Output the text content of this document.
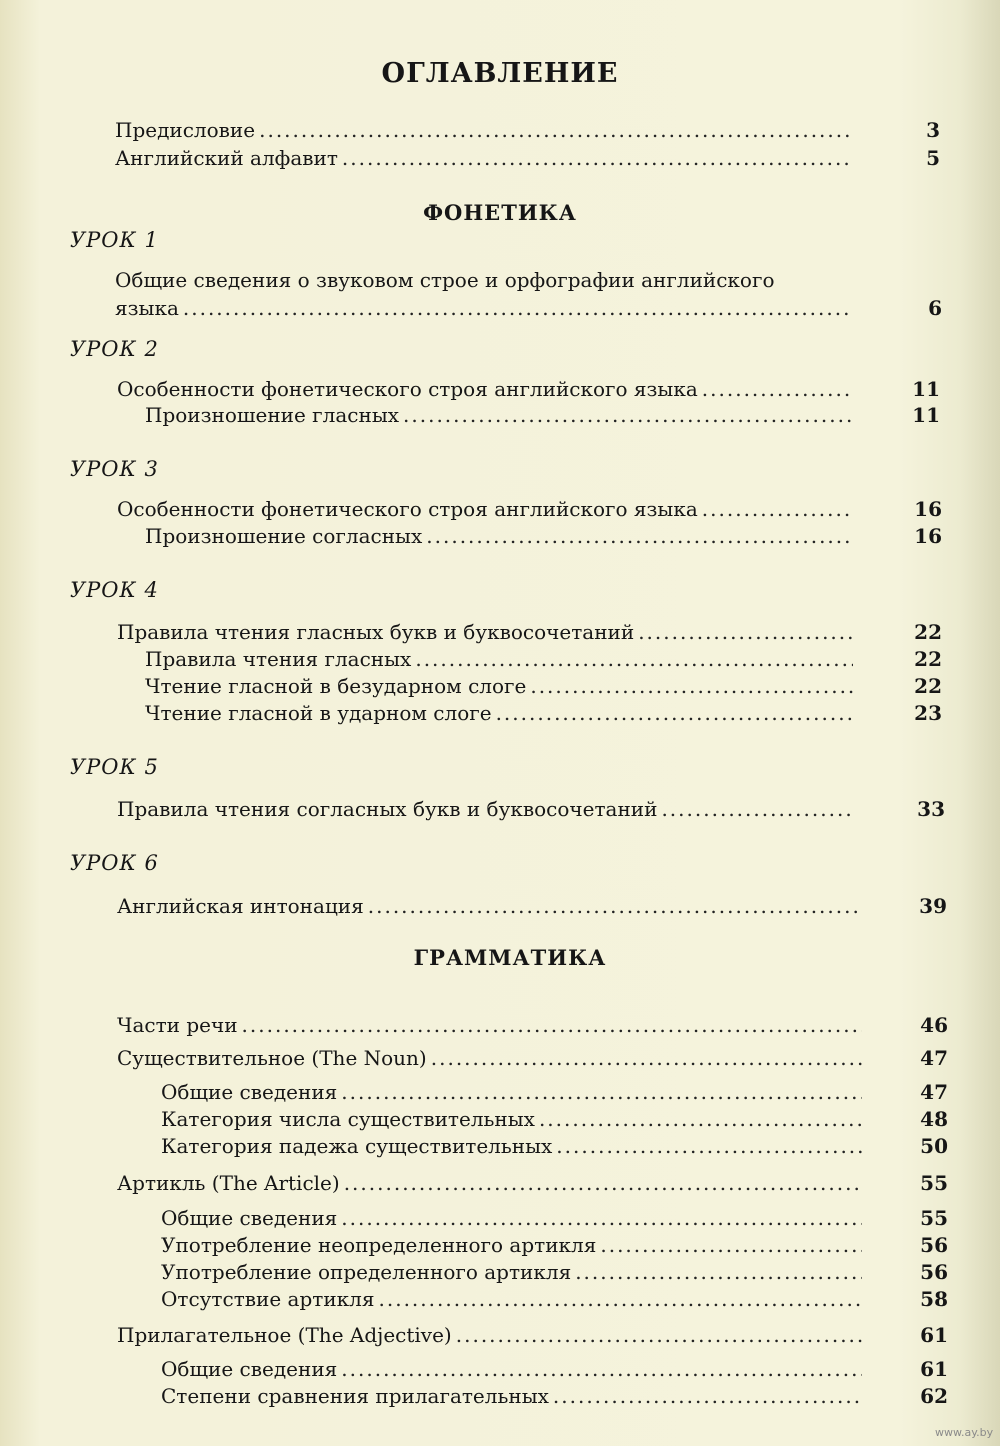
ОГЛАВЛЕНИЕ
Предисловие .....	3
Английский алфавит .....	5
ФОНЕТИКА
УРОК 1
Общие сведения о звуковом строе и орфографии английского
языка .....	6
УРОК 2
Особенности фонетического строя английского языка .....	11
Произношение гласных .....	11
УРОК 3
Особенности фонетического строя английского языка .....	16
Произношение согласных .....	16
УРОК 4
Правила чтения гласных букв и буквосочетаний .....	22
Правила чтения гласных .....	22
Чтение гласной в безударном слоге .....	22
Чтение гласной в ударном слоге .....	23
УРОК 5
Правила чтения согласных букв и буквосочетаний .....	33
УРОК 6
Английская интонация .....	39
ГРАММАТИКА
Части речи .....	46
Существительное (The Noun) .....	47
Общие сведения .....	47
Категория числа существительных .....	48
Категория падежа существительных .....	50
Артикль (The Article) .....	55
Общие сведения .....	55
Употребление неопределенного артикля .....	56
Употребление определенного артикля .....	56
Отсутствие артикля .....	58
Прилагательное (The Adjective) .....	61
Общие сведения .....	61
Степени сравнения прилагательных .....	62
www.ay.by
